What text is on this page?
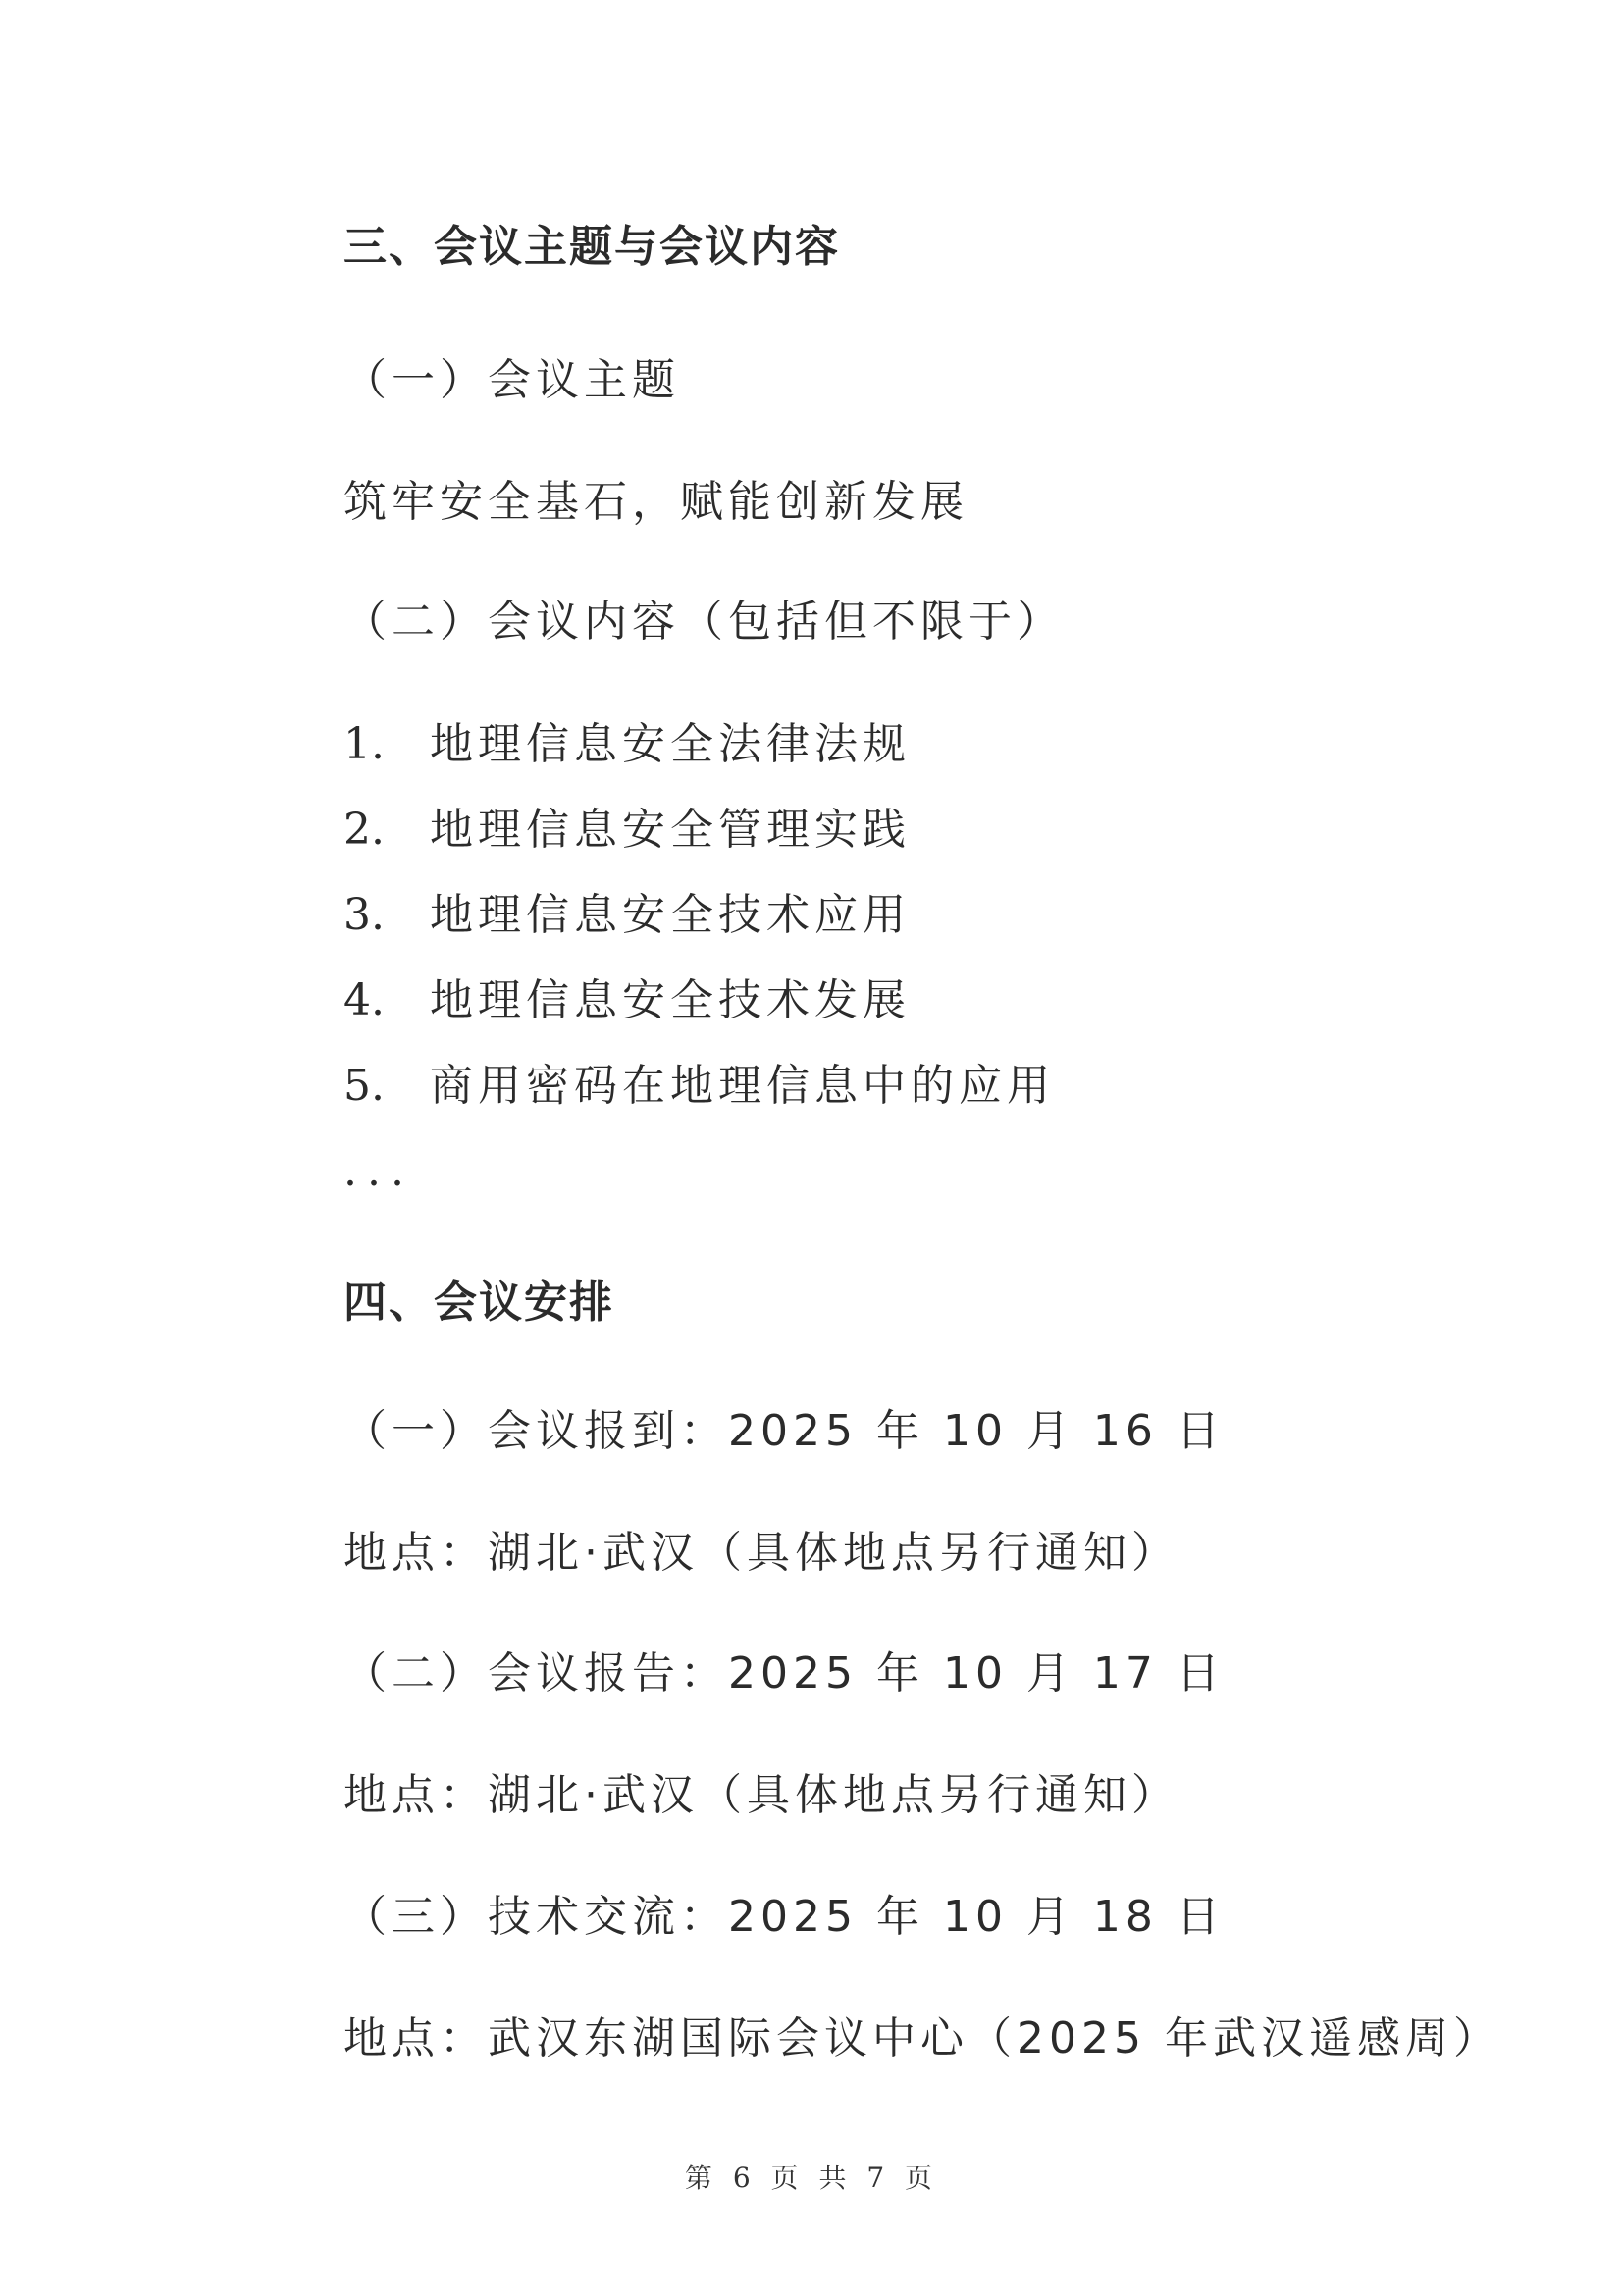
三、会议主题与会议内容
（一）会议主题
筑牢安全基石，赋能创新发展
（二）会议内容（包括但不限于）
1. 地理信息安全法律法规
2. 地理信息安全管理实践
3. 地理信息安全技术应用
4. 地理信息安全技术发展
5. 商用密码在地理信息中的应用
...
四、会议安排
（一）会议报到：2025 年 10 月 16 日
地点：湖北·武汉（具体地点另行通知）
（二）会议报告：2025 年 10 月 17 日
地点：湖北·武汉（具体地点另行通知）
（三）技术交流：2025 年 10 月 18 日
地点：武汉东湖国际会议中心（2025 年武汉遥感周）
第 6 页 共 7 页
